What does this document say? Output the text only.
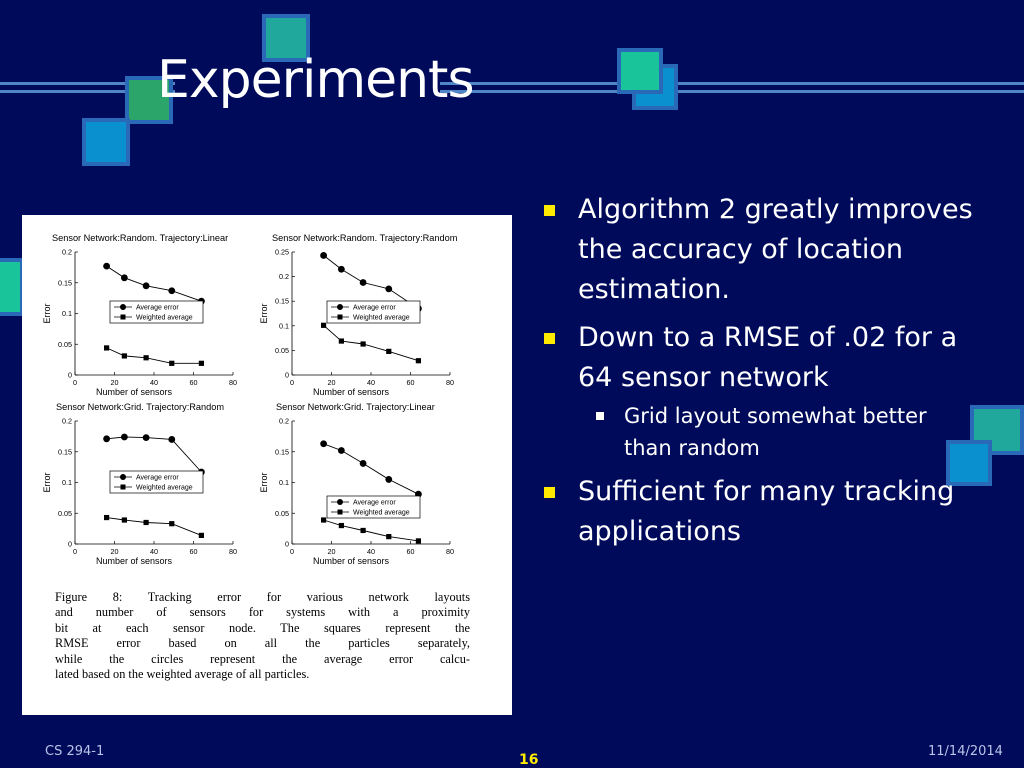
Experiments
Sensor Network:Random. Trajectory:Linear
0
0.05
0.1
0.15
0.2
0	20	40	60	80
Number of sensors
Error	Average error
Weighted average
Sensor Network:Random. Trajectory:Random
0
0.05
0.1
0.15
0.2
0.25
0	20	40	60	80
Number of sensors
Error	Average error
Weighted average
Sensor Network:Grid. Trajectory:Random
0
0.05
0.1
0.15
0.2
0	20	40	60	80
Number of sensors
Error	Average error
Weighted average
Sensor Network:Grid. Trajectory:Linear
0
0.05
0.1
0.15
0.2
0	20	40	60	80
Number of sensors
Error
Average error
Weighted average
Figure 8: Tracking error for various network layouts
and number of sensors for systems with a proximity
bit at each sensor node. The squares represent the
RMSE error based on all the particles separately,
while the circles represent the average error calcu-
lated based on the weighted average of all particles.
Algorithm 2 greatly improves the accuracy of location estimation.
Down to a RMSE of .02 for a 64 sensor network
Grid layout somewhat better than random
Sufficient for many tracking applications
CS 294-1
16
11/14/2014
